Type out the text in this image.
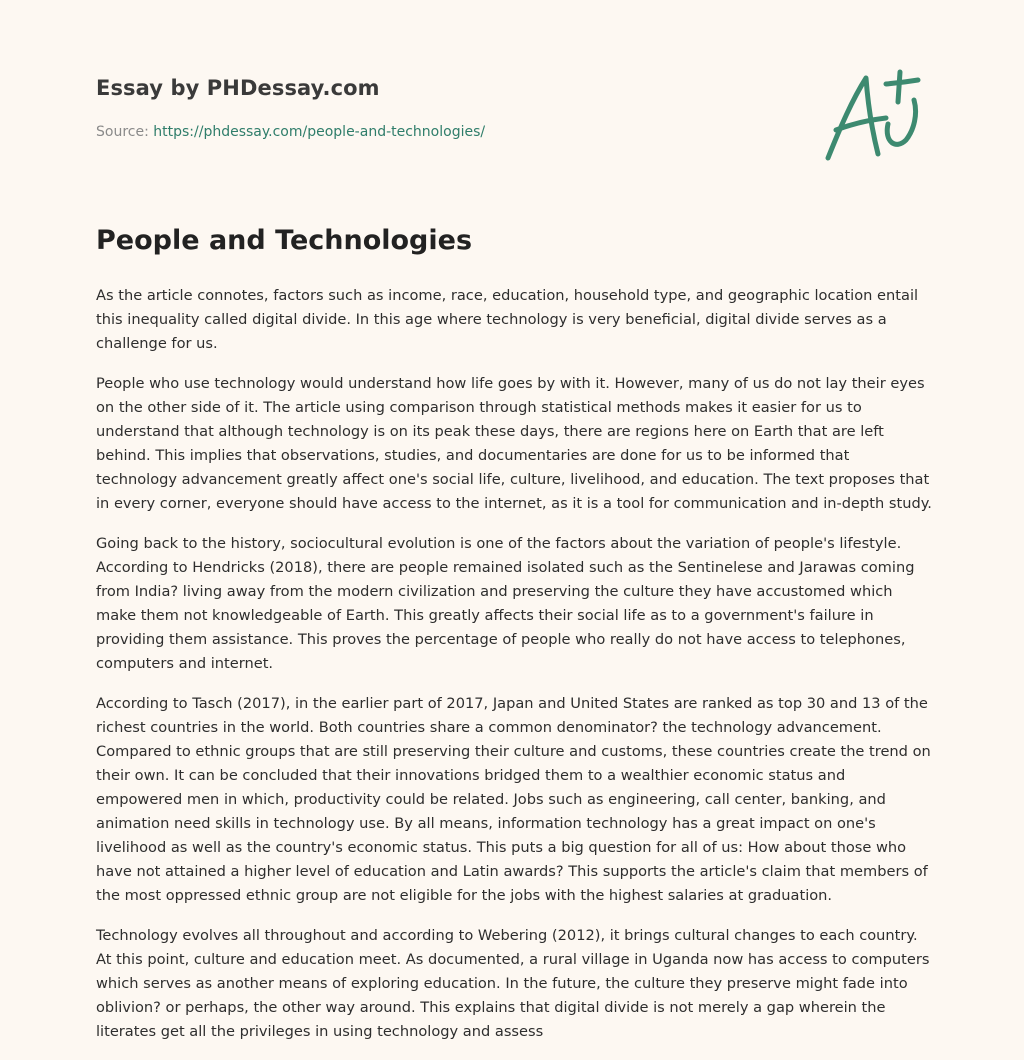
Essay by PHDessay.com
Source: https://phdessay.com/people-and-technologies/
People and Technologies

As the article connotes, factors such as income, race, education, household type, and geographic location entail this inequality called digital divide. In this age where technology is very beneficial, digital divide serves as a challenge for us.

People who use technology would understand how life goes by with it. However, many of us do not lay their eyes on the other side of it. The article using comparison through statistical methods makes it easier for us to understand that although technology is on its peak these days, there are regions here on Earth that are left behind. This implies that observations, studies, and documentaries are done for us to be informed that technology advancement greatly affect one's social life, culture, livelihood, and education. The text proposes that in every corner, everyone should have access to the internet, as it is a tool for communication and in-depth study.

Going back to the history, sociocultural evolution is one of the factors about the variation of people's lifestyle. According to Hendricks (2018), there are people remained isolated such as the Sentinelese and Jarawas coming from India? living away from the modern civilization and preserving the culture they have accustomed which make them not knowledgeable of Earth. This greatly affects their social life as to a government's failure in providing them assistance. This proves the percentage of people who really do not have access to telephones, computers and internet.

According to Tasch (2017), in the earlier part of 2017, Japan and United States are ranked as top 30 and 13 of the richest countries in the world. Both countries share a common denominator? the technology advancement. Compared to ethnic groups that are still preserving their culture and customs, these countries create the trend on their own. It can be concluded that their innovations bridged them to a wealthier economic status and empowered men in which, productivity could be related. Jobs such as engineering, call center, banking, and animation need skills in technology use. By all means, information technology has a great impact on one's livelihood as well as the country's economic status. This puts a big question for all of us: How about those who have not attained a higher level of education and Latin awards? This supports the article's claim that members of the most oppressed ethnic group are not eligible for the jobs with the highest salaries at graduation.

Technology evolves all throughout and according to Webering (2012), it brings cultural changes to each country. At this point, culture and education meet. As documented, a rural village in Uganda now has access to computers which serves as another means of exploring education. In the future, the culture they preserve might fade into oblivion? or perhaps, the other way around. This explains that digital divide is not merely a gap wherein the literates get all the privileges in using technology and assess
